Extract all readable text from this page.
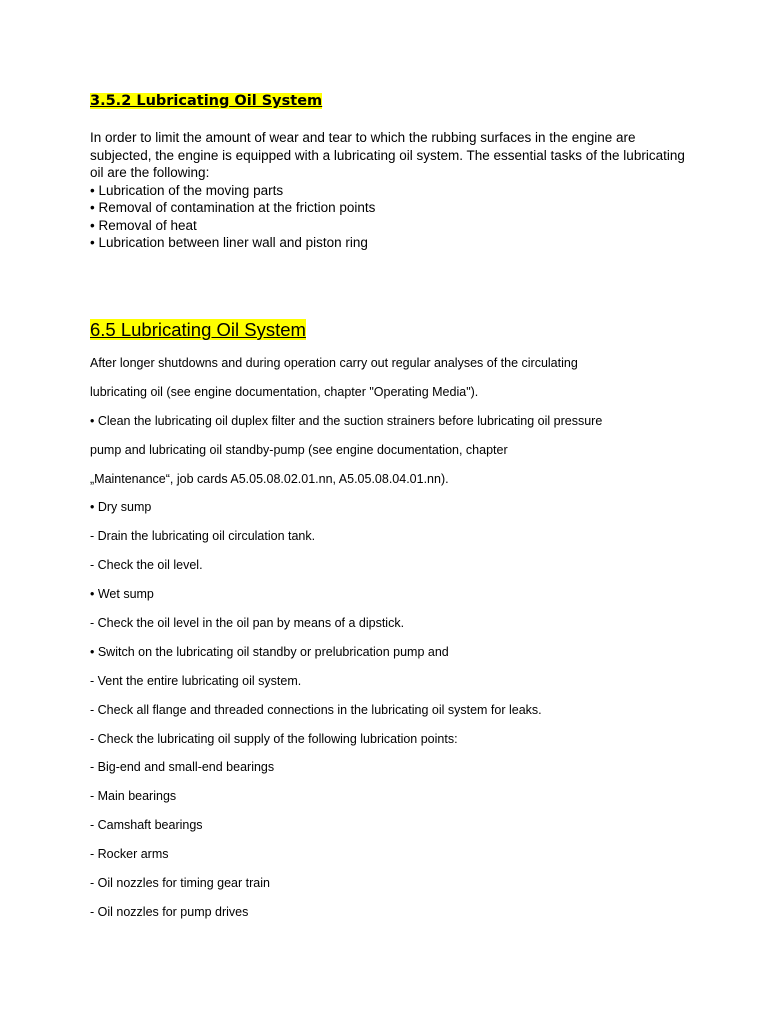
3.5.2 Lubricating Oil System

In order to limit the amount of wear and tear to which the rubbing surfaces in the engine are subjected, the engine is equipped with a lubricating oil system. The essential tasks of the lubricating oil are the following:

• Lubrication of the moving parts
• Removal of contamination at the friction points
• Removal of heat
• Lubrication between liner wall and piston ring
6.5 Lubricating Oil System
After longer shutdowns and during operation carry out regular analyses of the circulating
lubricating oil (see engine documentation, chapter "Operating Media").
• Clean the lubricating oil duplex filter and the suction strainers before lubricating oil pressure
pump and lubricating oil standby-pump (see engine documentation, chapter
„Maintenance“, job cards A5.05.08.02.01.nn, A5.05.08.04.01.nn).
• Dry sump
- Drain the lubricating oil circulation tank.
- Check the oil level.
• Wet sump
- Check the oil level in the oil pan by means of a dipstick.
• Switch on the lubricating oil standby or prelubrication pump and
- Vent the entire lubricating oil system.
- Check all flange and threaded connections in the lubricating oil system for leaks.
- Check the lubricating oil supply of the following lubrication points:
- Big-end and small-end bearings
- Main bearings
- Camshaft bearings
- Rocker arms
- Oil nozzles for timing gear train
- Oil nozzles for pump drives
